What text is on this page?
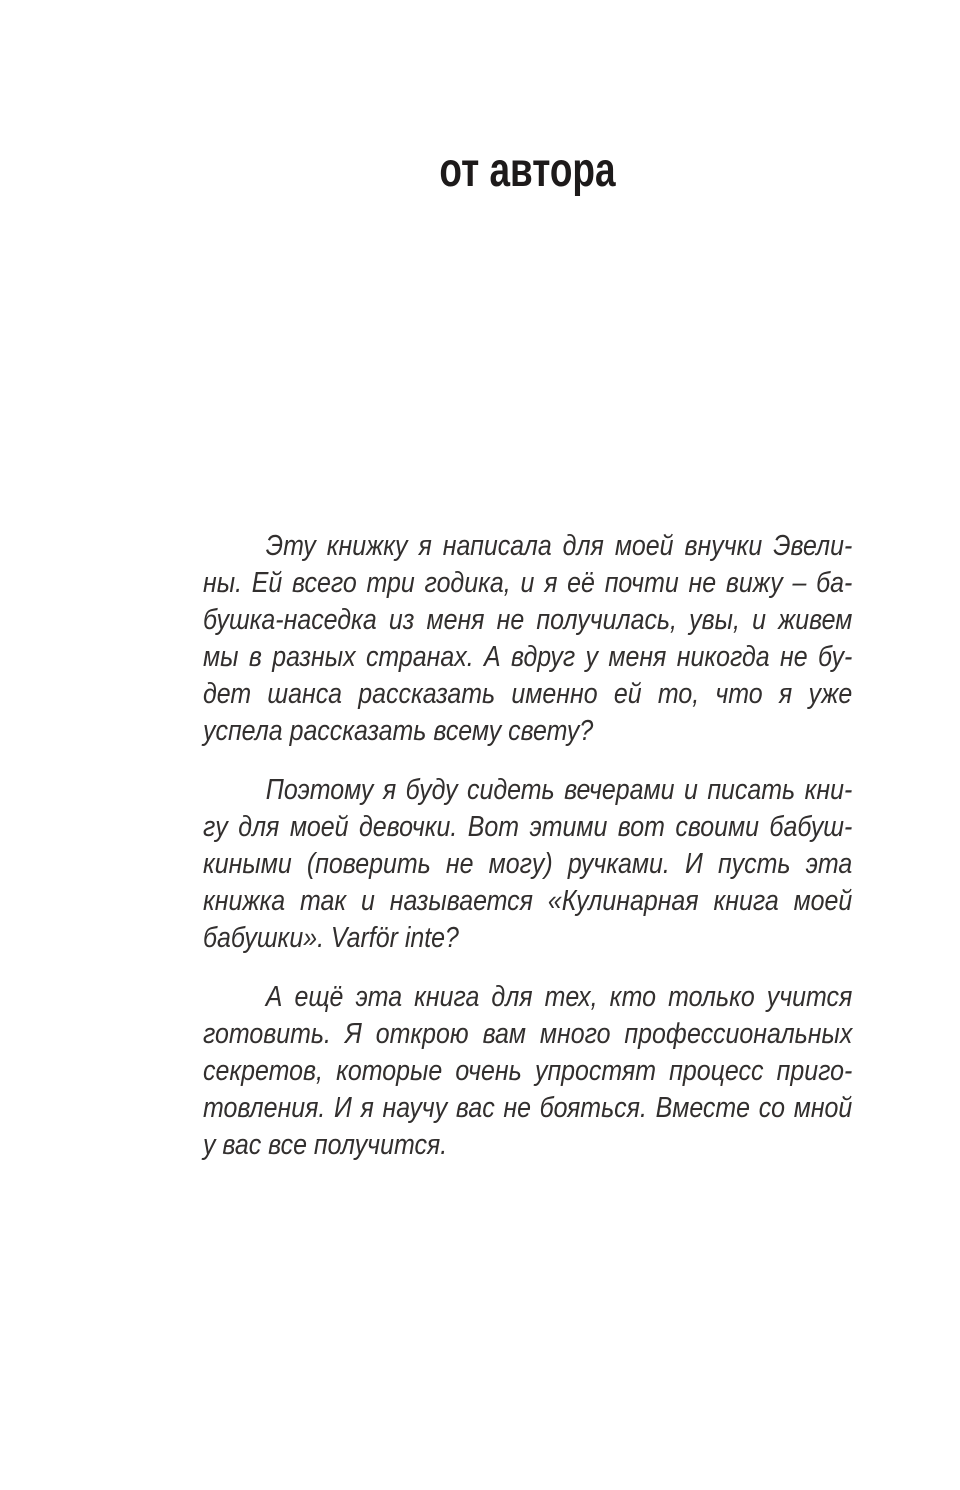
от автора

Эту книжку я написала для моей внучки Эвели-
ны. Ей всего три годика, и я её почти не вижу – ба-
бушка-наседка из меня не получилась, увы, и живем
мы в разных странах. А вдруг у меня никогда не бу-
дет шанса рассказать именно ей то, что я уже
успела рассказать всему свету?

Поэтому я буду сидеть вечерами и писать кни-
гу для моей девочки. Вот этими вот своими бабуш-
киными (поверить не могу) ручками. И пусть эта
книжка так и называется «Кулинарная книга моей
бабушки». Varför inte?

А ещё эта книга для тех, кто только учится
готовить. Я открою вам много профессиональных
секретов, которые очень упростят процесс приго-
товления. И я научу вас не бояться. Вместе со мной
у вас все получится.
